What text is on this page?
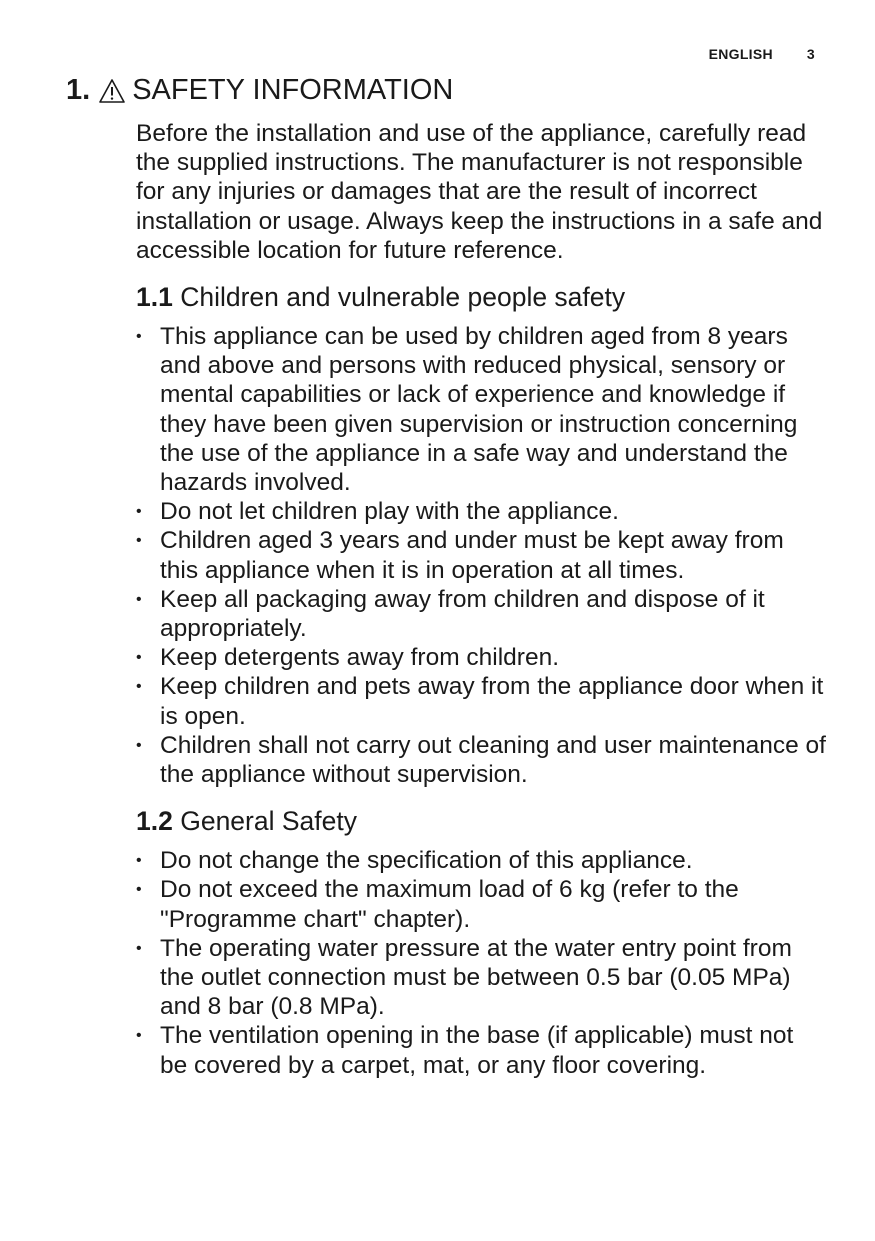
ENGLISH 3
1. SAFETY INFORMATION

Before the installation and use of the appliance, carefully read the supplied instructions. The manufacturer is not responsible for any injuries or damages that are the result of incorrect installation or usage. Always keep the instructions in a safe and accessible location for future reference.

1.1 Children and vulnerable people safety
• This appliance can be used by children aged from 8 years and above and persons with reduced physical, sensory or mental capabilities or lack of experience and knowledge if they have been given supervision or instruction concerning the use of the appliance in a safe way and understand the hazards involved.
• Do not let children play with the appliance.
• Children aged 3 years and under must be kept away from this appliance when it is in operation at all times.
• Keep all packaging away from children and dispose of it appropriately.
• Keep detergents away from children.
• Keep children and pets away from the appliance door when it is open.
• Children shall not carry out cleaning and user maintenance of the appliance without supervision.
1.2 General Safety
• Do not change the specification of this appliance.
• Do not exceed the maximum load of 6 kg (refer to the "Programme chart" chapter).
• The operating water pressure at the water entry point from the outlet connection must be between 0.5 bar (0.05 MPa) and 8 bar (0.8 MPa).
• The ventilation opening in the base (if applicable) must not be covered by a carpet, mat, or any floor covering.
